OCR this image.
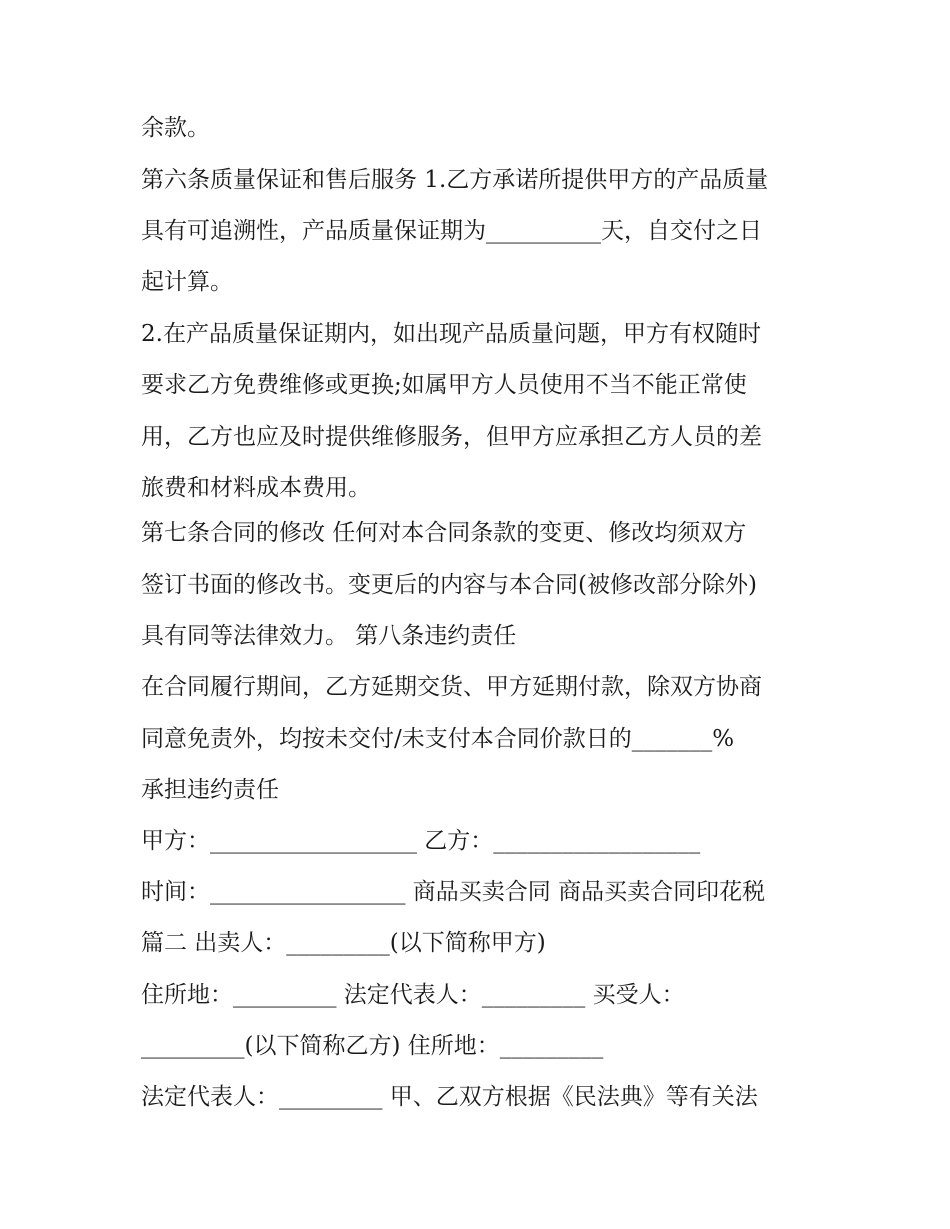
余款。

第六条质量保证和售后服务 1.乙方承诺所提供甲方的产品质量

具有可追溯性，产品质量保证期为__________天，自交付之日

起计算。

2.在产品质量保证期内，如出现产品质量问题，甲方有权随时

要求乙方免费维修或更换;如属甲方人员使用不当不能正常使

用，乙方也应及时提供维修服务，但甲方应承担乙方人员的差

旅费和材料成本费用。

第七条合同的修改 任何对本合同条款的变更、修改均须双方

签订书面的修改书。变更后的内容与本合同(被修改部分除外)

具有同等法律效力。 第八条违约责任

在合同履行期间，乙方延期交货、甲方延期付款，除双方协商

同意免责外，均按未交付/未支付本合同价款日的_______%

承担违约责任

甲方：__________________ 乙方：__________________

时间：_________________ 商品买卖合同 商品买卖合同印花税

篇二 出卖人：_________(以下简称甲方)

住所地：_________ 法定代表人：_________ 买受人：

_________(以下简称乙方) 住所地：_________

法定代表人：_________ 甲、乙双方根据《民法典》等有关法
